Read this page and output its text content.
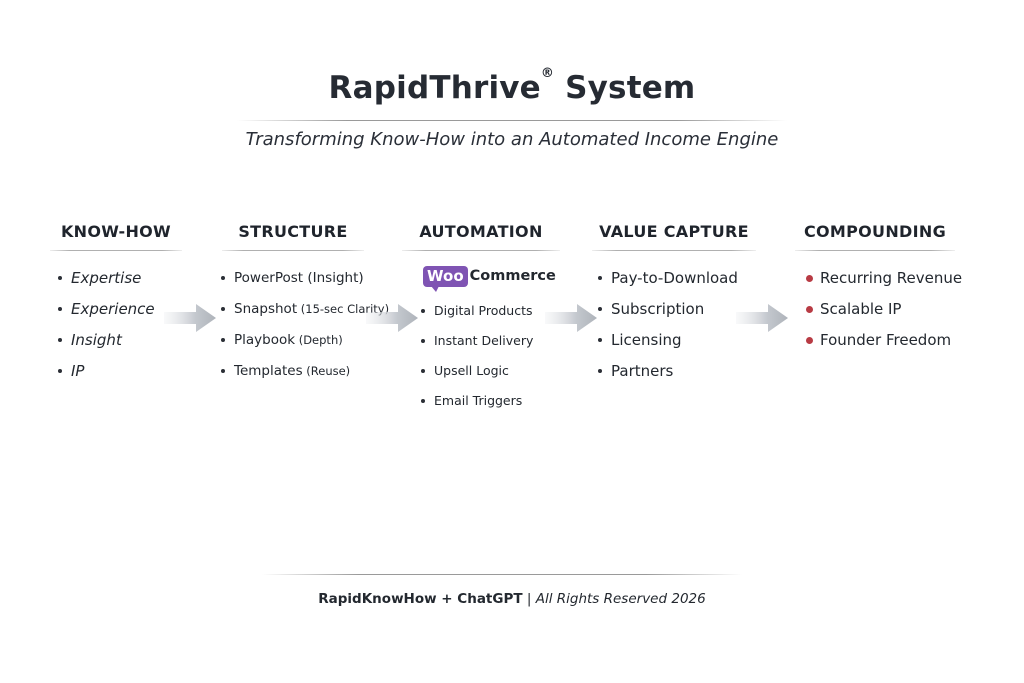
RapidThrive® System
Transforming Know-How into an Automated Income Engine
KNOW-HOW
Expertise
Experience
Insight
IP
STRUCTURE
PowerPost (Insight)
Snapshot (15-sec Clarity)
Playbook (Depth)
Templates (Reuse)
AUTOMATION
Woo Commerce
Digital Products
Instant Delivery
Upsell Logic
Email Triggers
VALUE CAPTURE
Pay-to-Download
Subscription
Licensing
Partners
COMPOUNDING
Recurring Revenue
Scalable IP
Founder Freedom
RapidKnowHow + ChatGPT | All Rights Reserved 2026
